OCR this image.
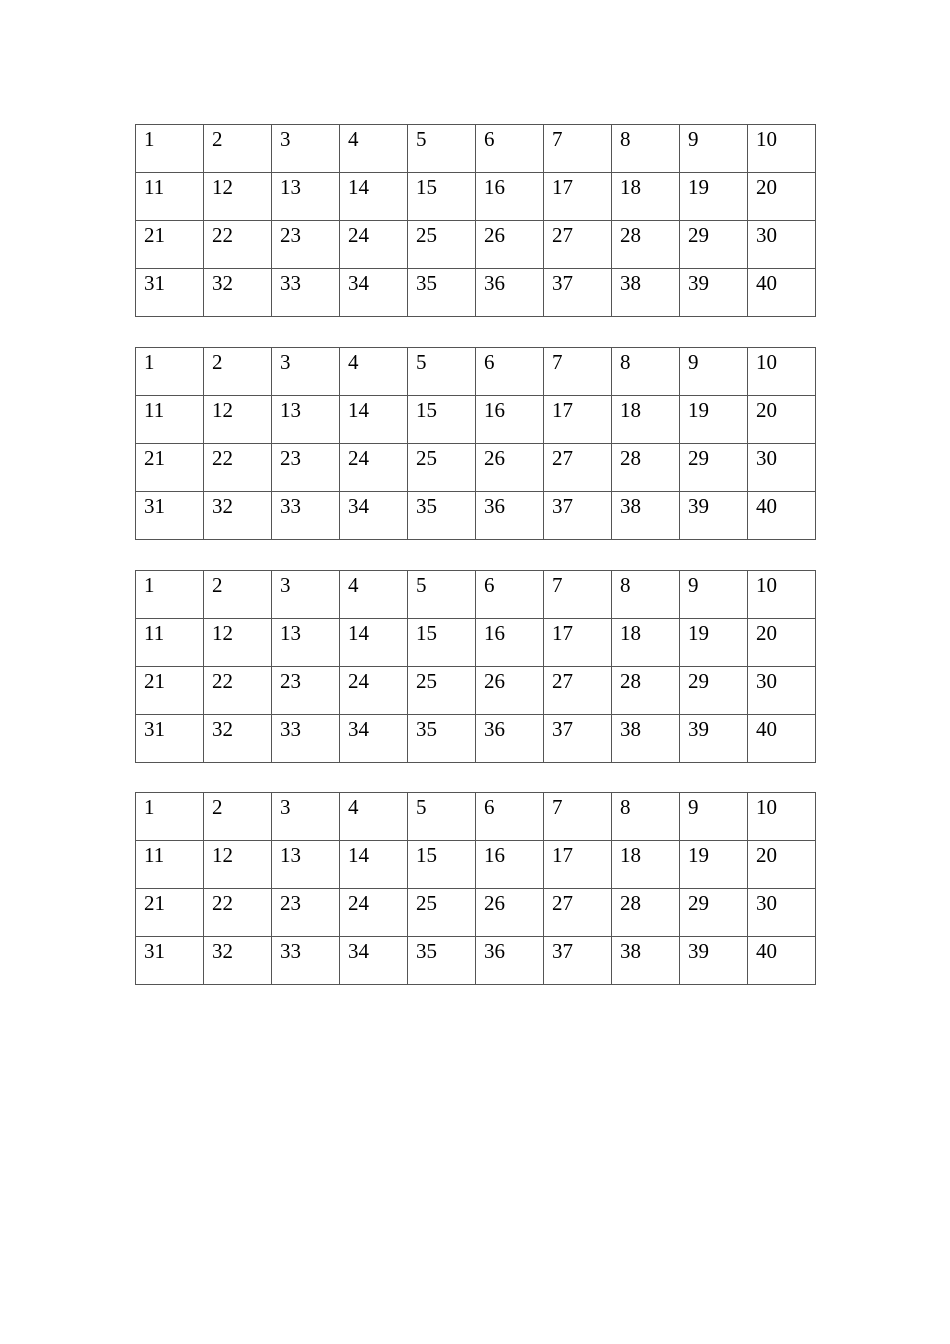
1	2	3	4	5	6	7	8	9	10
11	12	13	14	15	16	17	18	19	20
21	22	23	24	25	26	27	28	29	30
31	32	33	34	35	36	37	38	39	40
1	2	3	4	5	6	7	8	9	10
11	12	13	14	15	16	17	18	19	20
21	22	23	24	25	26	27	28	29	30
31	32	33	34	35	36	37	38	39	40
1	2	3	4	5	6	7	8	9	10
11	12	13	14	15	16	17	18	19	20
21	22	23	24	25	26	27	28	29	30
31	32	33	34	35	36	37	38	39	40
1	2	3	4	5	6	7	8	9	10
11	12	13	14	15	16	17	18	19	20
21	22	23	24	25	26	27	28	29	30
31	32	33	34	35	36	37	38	39	40
